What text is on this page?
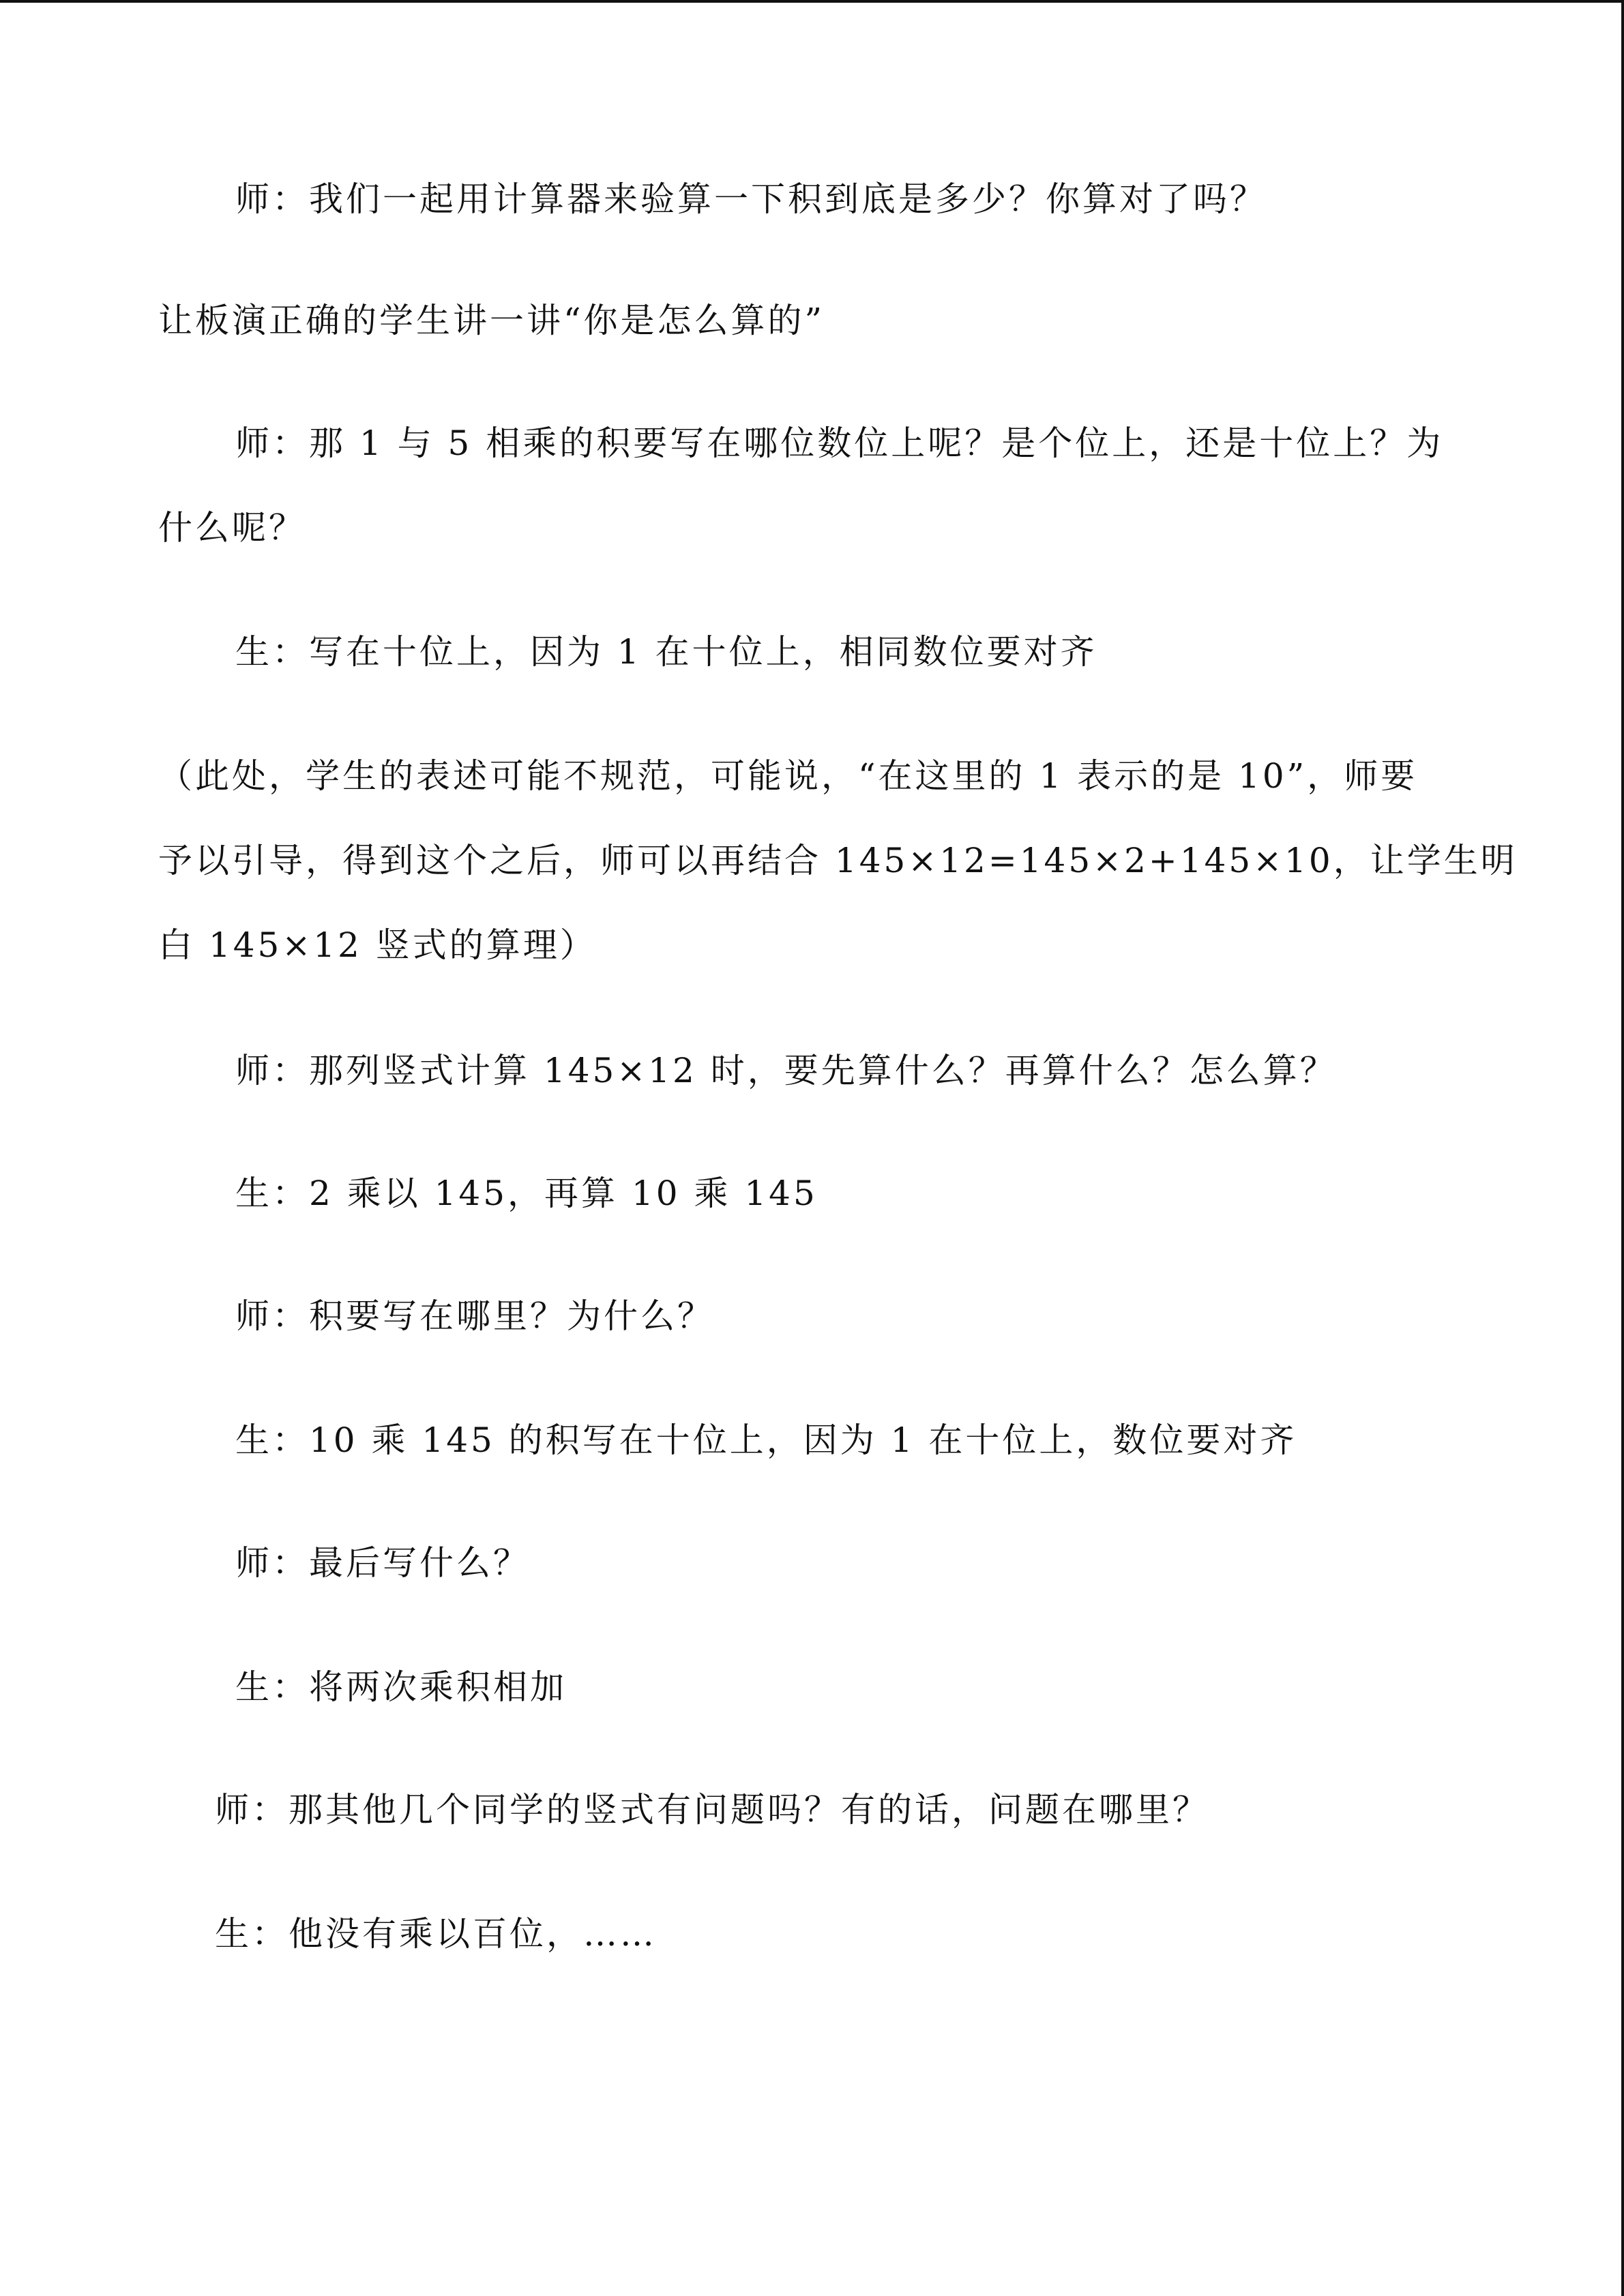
师：我们一起用计算器来验算一下积到底是多少？你算对了吗？
让板演正确的学生讲一讲“你是怎么算的”
师：那 1 与 5 相乘的积要写在哪位数位上呢？是个位上，还是十位上？为
什么呢？
生：写在十位上，因为 1 在十位上，相同数位要对齐
（此处，学生的表述可能不规范，可能说，“在这里的 1 表示的是 10”，师要
予以引导，得到这个之后，师可以再结合 145×12=145×2+145×10，让学生明
白 145×12 竖式的算理）
师：那列竖式计算 145×12 时，要先算什么？再算什么？怎么算？
生：2 乘以 145，再算 10 乘 145
师：积要写在哪里？为什么？
生：10 乘 145 的积写在十位上，因为 1 在十位上，数位要对齐
师：最后写什么？
生：将两次乘积相加
师：那其他几个同学的竖式有问题吗？有的话，问题在哪里？
生：他没有乘以百位，……
